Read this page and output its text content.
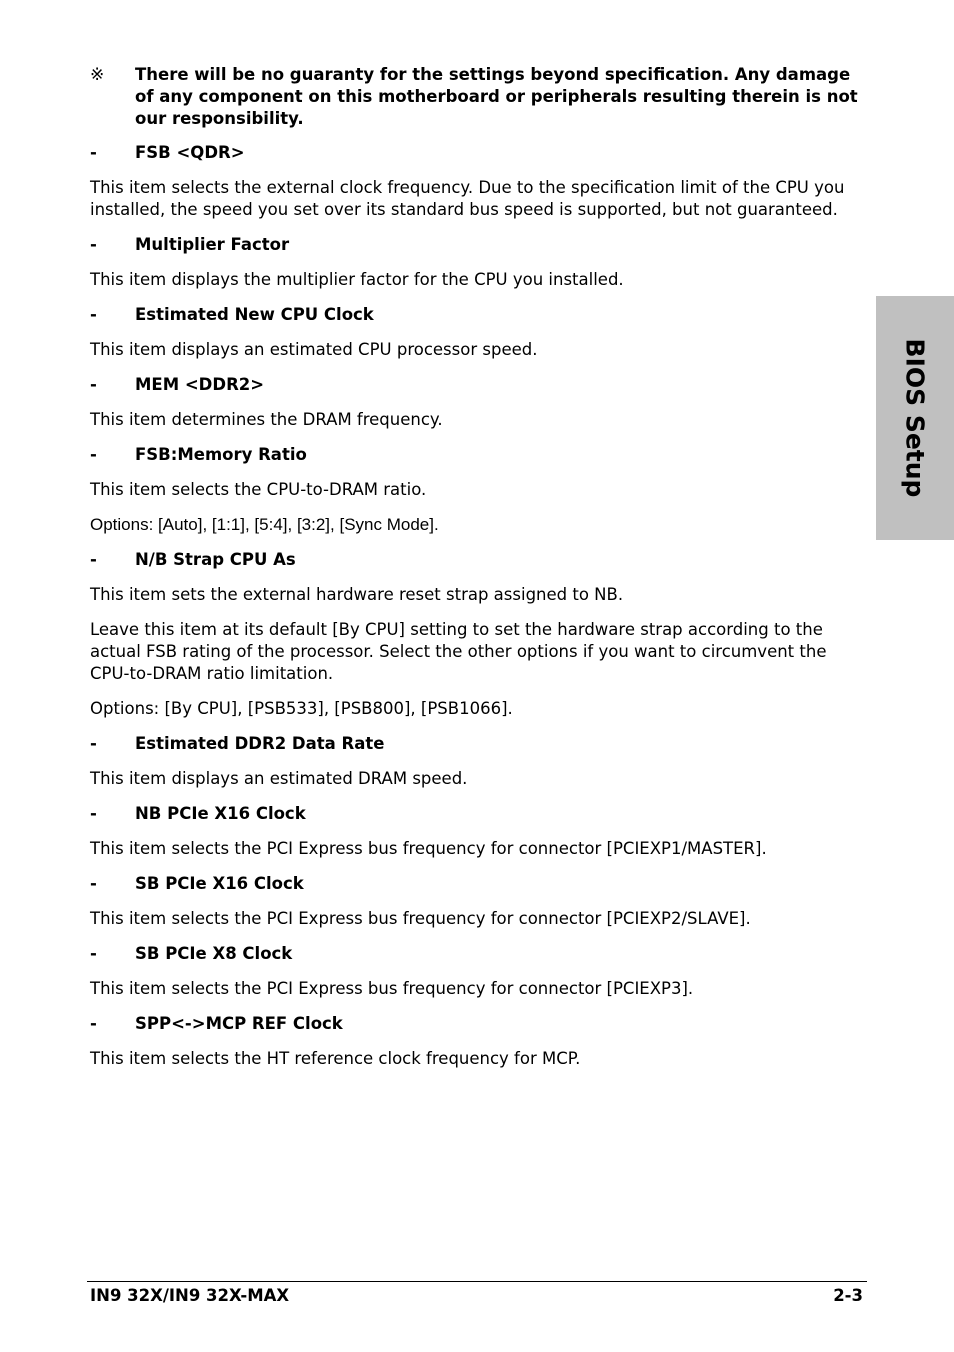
※ There will be no guaranty for the settings beyond specification. Any damage of any component on this motherboard or peripherals resulting therein is not our responsibility.
-	FSB <QDR>
This item selects the external clock frequency. Due to the specification limit of the CPU you installed, the speed you set over its standard bus speed is supported, but not guaranteed.
-	Multiplier Factor
This item displays the multiplier factor for the CPU you installed.
-	Estimated New CPU Clock
This item displays an estimated CPU processor speed.
-	MEM <DDR2>
This item determines the DRAM frequency.
-	FSB:Memory Ratio
This item selects the CPU-to-DRAM ratio.
Options: [Auto], [1:1], [5:4], [3:2], [Sync Mode].
-	N/B Strap CPU As
This item sets the external hardware reset strap assigned to NB.
Leave this item at its default [By CPU] setting to set the hardware strap according to the actual FSB rating of the processor. Select the other options if you want to circumvent the CPU-to-DRAM ratio limitation.
Options: [By CPU], [PSB533], [PSB800], [PSB1066].
-	Estimated DDR2 Data Rate
This item displays an estimated DRAM speed.
-	NB PCIe X16 Clock
This item selects the PCI Express bus frequency for connector [PCIEXP1/MASTER].
-	SB PCIe X16 Clock
This item selects the PCI Express bus frequency for connector [PCIEXP2/SLAVE].
-	SB PCIe X8 Clock
This item selects the PCI Express bus frequency for connector [PCIEXP3].
-	SPP<->MCP REF Clock
This item selects the HT reference clock frequency for MCP.
BIOS Setup
IN9 32X/IN9 32X-MAX	2-3
